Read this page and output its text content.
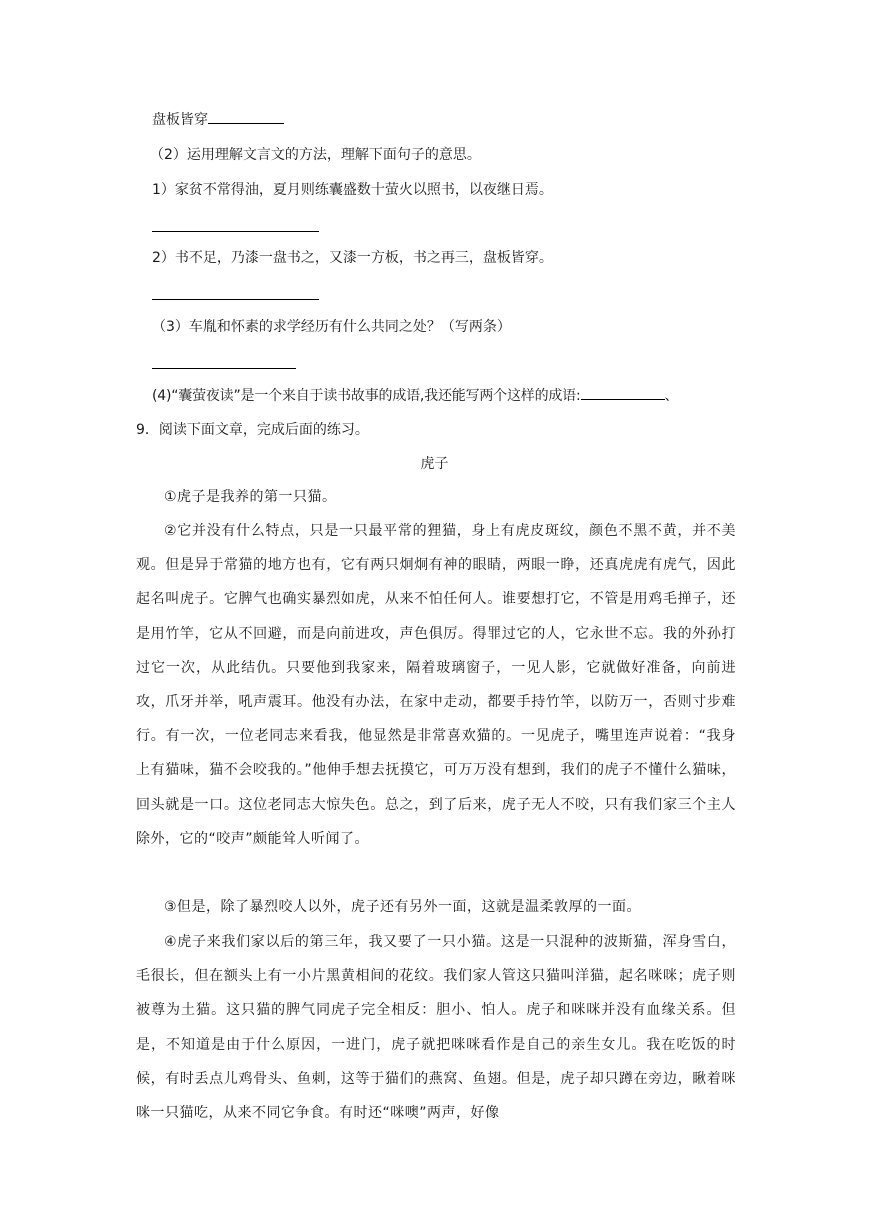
盘板皆穿
（2）运用理解文言文的方法，理解下面句子的意思。
1）家贫不常得油，夏月则练囊盛数十萤火以照书，以夜继日焉。
2）书不足，乃漆一盘书之，又漆一方板，书之再三，盘板皆穿。
（3）车胤和怀素的求学经历有什么共同之处？（写两条）
(4)“囊萤夜读”是一个来自于读书故事的成语,我还能写两个这样的成语:	、
9．阅读下面文章，完成后面的练习。
虎子
①虎子是我养的第一只猫。
②它并没有什么特点，只是一只最平常的狸猫，身上有虎皮斑纹，颜色不黑不黄，并不美观。但是异于常猫的地方也有，它有两只炯炯有神的眼睛，两眼一睁，还真虎虎有虎气，因此起名叫虎子。它脾气也确实暴烈如虎，从来不怕任何人。谁要想打它，不管是用鸡毛掸子，还是用竹竿，它从不回避，而是向前进攻，声色俱厉。得罪过它的人，它永世不忘。我的外孙打过它一次，从此结仇。只要他到我家来，隔着玻璃窗子，一见人影，它就做好准备，向前进攻，爪牙并举，吼声震耳。他没有办法，在家中走动，都要手持竹竿，以防万一，否则寸步难行。有一次，一位老同志来看我，他显然是非常喜欢猫的。一见虎子，嘴里连声说着：“我身上有猫味，猫不会咬我的。”他伸手想去抚摸它，可万万没有想到，我们的虎子不懂什么猫味，回头就是一口。这位老同志大惊失色。总之，到了后来，虎子无人不咬，只有我们家三个主人除外，它的“咬声”颇能耸人听闻了。
③但是，除了暴烈咬人以外，虎子还有另外一面，这就是温柔敦厚的一面。
④虎子来我们家以后的第三年，我又要了一只小猫。这是一只混种的波斯猫，浑身雪白，毛很长，但在额头上有一小片黑黄相间的花纹。我们家人管这只猫叫洋猫，起名咪咪；虎子则被尊为土猫。这只猫的脾气同虎子完全相反：胆小、怕人。虎子和咪咪并没有血缘关系。但是，不知道是由于什么原因，一进门，虎子就把咪咪看作是自己的亲生女儿。我在吃饭的时候，有时丢点儿鸡骨头、鱼刺，这等于猫们的燕窝、鱼翅。但是，虎子却只蹲在旁边，瞅着咪咪一只猫吃，从来不同它争食。有时还“咪噢”两声，好像
